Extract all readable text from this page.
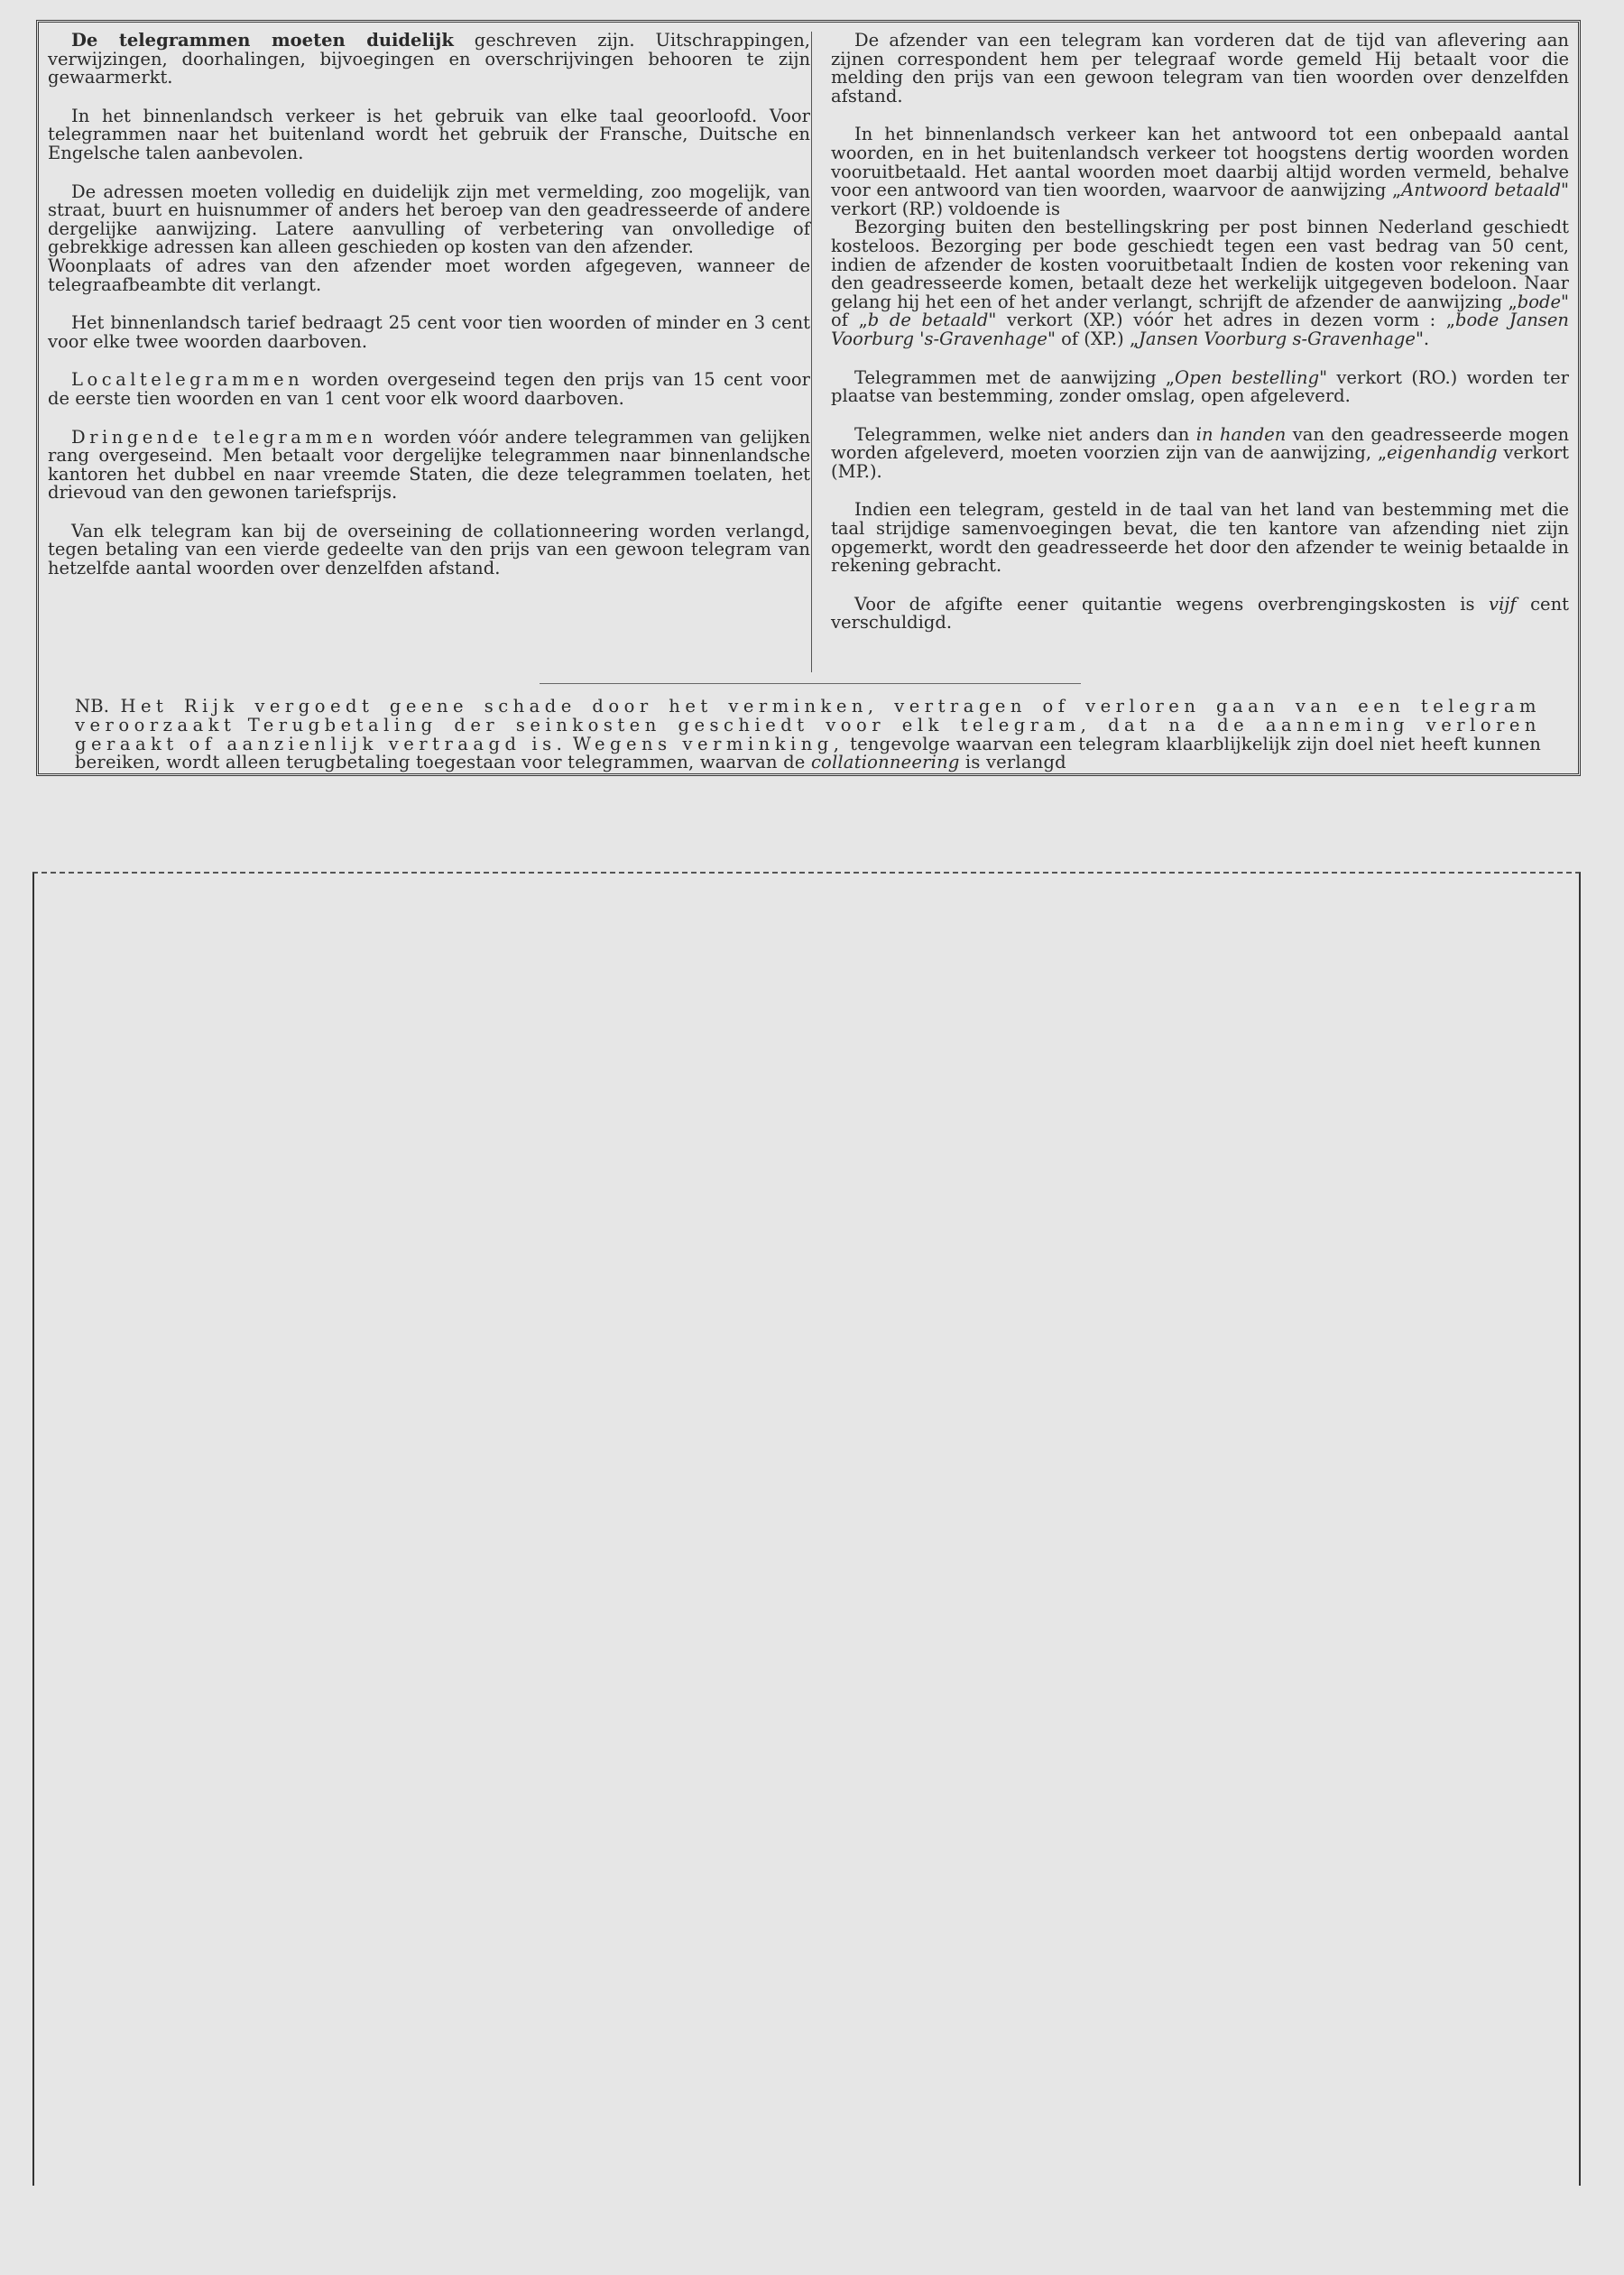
De telegrammen moeten duidelijk geschreven zijn. Uitschrappingen, verwijzingen, doorhalingen, bijvoegingen en overschrijvingen behooren te zijn gewaarmerkt.

In het binnenlandsch verkeer is het gebruik van elke taal geoorloofd. Voor telegrammen naar het buitenland wordt het gebruik der Fransche, Duitsche en Engelsche talen aanbevolen.

De adressen moeten volledig en duidelijk zijn met vermelding, zoo mogelijk, van straat, buurt en huisnummer of anders het beroep van den geadresseerde of andere dergelijke aanwijzing. Latere aanvulling of verbetering van onvolledige of gebrekkige adressen kan alleen geschieden op kosten van den afzender.

Woonplaats of adres van den afzender moet worden afgegeven, wanneer de telegraafbeambte dit verlangt.

Het binnenlandsch tarief bedraagt 25 cent voor tien woorden of minder en 3 cent voor elke twee woorden daarboven.

Localtelegrammen worden overgeseind tegen den prijs van 15 cent voor de eerste tien woorden en van 1 cent voor elk woord daarboven.

Dringende telegrammen worden vóór andere telegrammen van gelijken rang overgeseind. Men betaalt voor dergelijke telegrammen naar binnenlandsche kantoren het dubbel en naar vreemde Staten, die deze telegrammen toelaten, het drievoud van den gewonen tariefsprijs.

Van elk telegram kan bij de overseining de collationneering worden verlangd, tegen betaling van een vierde gedeelte van den prijs van een gewoon telegram van hetzelfde aantal woorden over denzelfden afstand.

De afzender van een telegram kan vorderen dat de tijd van aflevering aan zijnen correspondent hem per telegraaf worde gemeld Hij betaalt voor die melding den prijs van een gewoon telegram van tien woorden over denzelfden afstand.

In het binnenlandsch verkeer kan het antwoord tot een onbepaald aantal woorden, en in het buitenlandsch verkeer tot hoogstens dertig woorden worden vooruitbetaald. Het aantal woorden moet daarbij altijd worden vermeld, behalve voor een antwoord van tien woorden, waarvoor de aanwijzing „Antwoord betaald" verkort (RP.) voldoende is

Bezorging buiten den bestellingskring per post binnen Nederland geschiedt kosteloos. Bezorging per bode geschiedt tegen een vast bedrag van 50 cent, indien de afzender de kosten vooruitbetaalt Indien de kosten voor rekening van den geadresseerde komen, betaalt deze het werkelijk uitgegeven bodeloon. Naar gelang hij het een of het ander verlangt, schrijft de afzender de aanwijzing „bode" of „b de betaald" verkort (XP.) vóór het adres in dezen vorm : „bode Jansen Voorburg 's-Gravenhage" of (XP.) „Jansen Voorburg s-Gravenhage".

Telegrammen met de aanwijzing „Open bestelling" verkort (RO.) worden ter plaatse van bestemming, zonder omslag, open afgeleverd.

Telegrammen, welke niet anders dan in handen van den geadresseerde mogen worden afgeleverd, moeten voorzien zijn van de aanwijzing, „eigenhandig verkort (MP.).

Indien een telegram, gesteld in de taal van het land van bestemming met die taal strijdige samenvoegingen bevat, die ten kantore van afzending niet zijn opgemerkt, wordt den geadresseerde het door den afzender te weinig betaalde in rekening gebracht.

Voor de afgifte eener quitantie wegens overbrengingskosten is vijf cent verschuldigd.

NB. Het Rijk vergoedt geene schade door het verminken, vertragen of verloren gaan van een telegram veroorzaakt Terugbetaling der seinkosten geschiedt voor elk telegram, dat na de aanneming verloren geraakt of aanzienlijk vertraagd is. Wegens verminking, tengevolge waarvan een telegram klaarblijkelijk zijn doel niet heeft kunnen bereiken, wordt alleen terugbetaling toegestaan voor telegrammen, waarvan de collationneering is verlangd
